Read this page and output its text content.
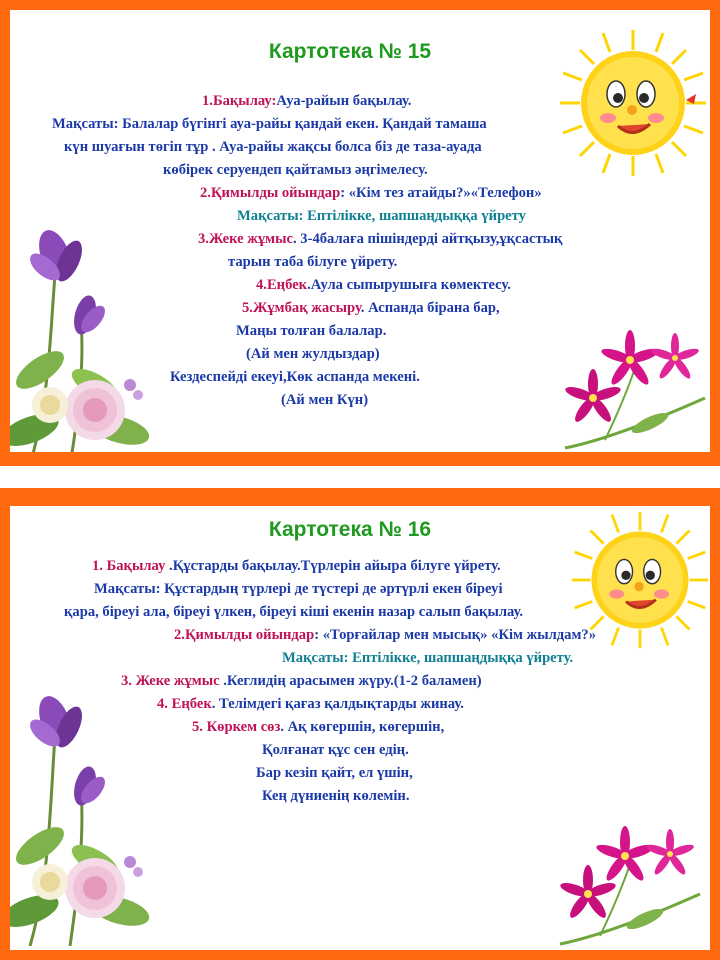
Картотека № 15
1.Бақылау:Ауа-райын бақылау.
Мақсаты: Балалар бүгінгі ауа-райы қандай екен. Қандай тамаша
күн шуағын төгіп тұр . Ауа-райы жақсы болса біз де таза-ауада
көбірек серуендеп қайтамыз әңгімелесу.
2.Қимылды ойындар: «Кім тез атайды?»«Телефон»
Мақсаты: Ептілікке, шапшаңдыққа үйрету
3.Жеке жұмыс. 3-4балаға пішіндерді айтқызу,ұқсастық
тарын таба білуге үйрету.
4.Еңбек.Аула сыпырушыға көмектесу.
5.Жұмбақ жасыру. Аспанда бірана бар,
Маңы толған балалар.
(Ай мен жулдыздар)
Кездеспейді екеуі,Көк аспанда мекені.
(Ай мен Күн)
Картотека № 16
1. Бақылау .Құстарды бақылау.Түрлерін айыра білуге үйрету.
Мақсаты: Құстардың түрлері де түстері де әртүрлі екен біреуі
қара, біреуі ала, біреуі үлкен, біреуі кішi екенін назар салып бақылау.
2.Қимылды ойындар: «Торғайлар мен мысық» «Кім жылдам?»
Мақсаты: Ептілікке, шапшаңдыққа үйрету.
3. Жеке жұмыс .Кеглидің арасымен жүру.(1-2 баламен)
4. Еңбек. Телімдегі қағаз қалдықтарды жинау.
5. Көркем сөз. Ақ көгершін, көгершін,
Қолғанат құс сен едің.
Бар кезіп қайт, ел үшін,
Кең дүниенің көлемін.
